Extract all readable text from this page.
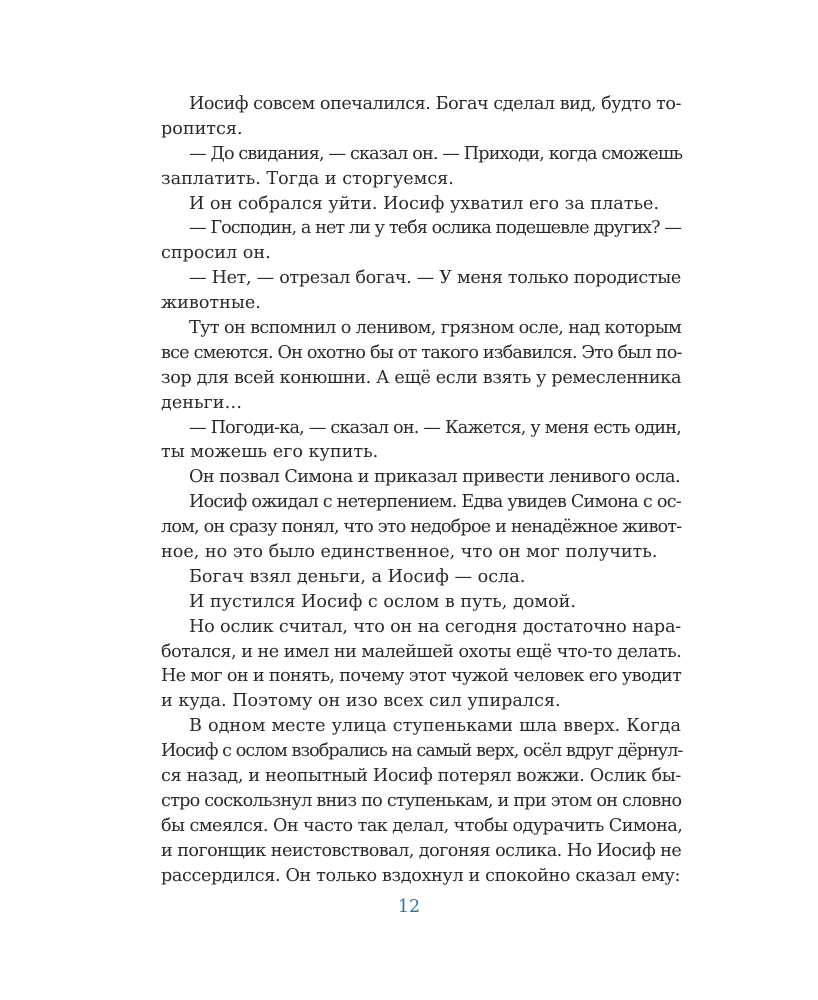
Иосиф совсем опечалился. Богач сделал вид, будто то-
ропится.
— До свидания, — сказал он. — Приходи, когда сможешь
заплатить. Тогда и сторгуемся.
И он собрался уйти. Иосиф ухватил его за платье.
— Господин, а нет ли у тебя ослика подешевле других? —
спросил он.
— Нет, — отрезал богач. — У меня только породистые
животные.
Тут он вспомнил о ленивом, грязном осле, над которым
все смеются. Он охотно бы от такого избавился. Это был по-
зор для всей конюшни. А ещё если взять у ремесленника
деньги…
— Погоди-ка, — сказал он. — Кажется, у меня есть один,
ты можешь его купить.
Он позвал Симона и приказал привести ленивого осла.
Иосиф ожидал с нетерпением. Едва увидев Симона с ос-
лом, он сразу понял, что это недоброе и ненадёжное живот-
ное, но это было единственное, что он мог получить.
Богач взял деньги, а Иосиф — осла.
И пустился Иосиф с ослом в путь, домой.
Но ослик считал, что он на сегодня достаточно нара-
ботался, и не имел ни малейшей охоты ещё что-то делать.
Не мог он и понять, почему этот чужой человек его уводит
и куда. Поэтому он изо всех сил упирался.
В одном месте улица ступеньками шла вверх. Когда
Иосиф с ослом взобрались на самый верх, осёл вдруг дёрнул-
ся назад, и неопытный Иосиф потерял вожжи. Ослик бы-
стро соскользнул вниз по ступенькам, и при этом он словно
бы смеялся. Он часто так делал, чтобы одурачить Симона,
и погонщик неистовствовал, догоняя ослика. Но Иосиф не
рассердился. Он только вздохнул и спокойно сказал ему:
12
